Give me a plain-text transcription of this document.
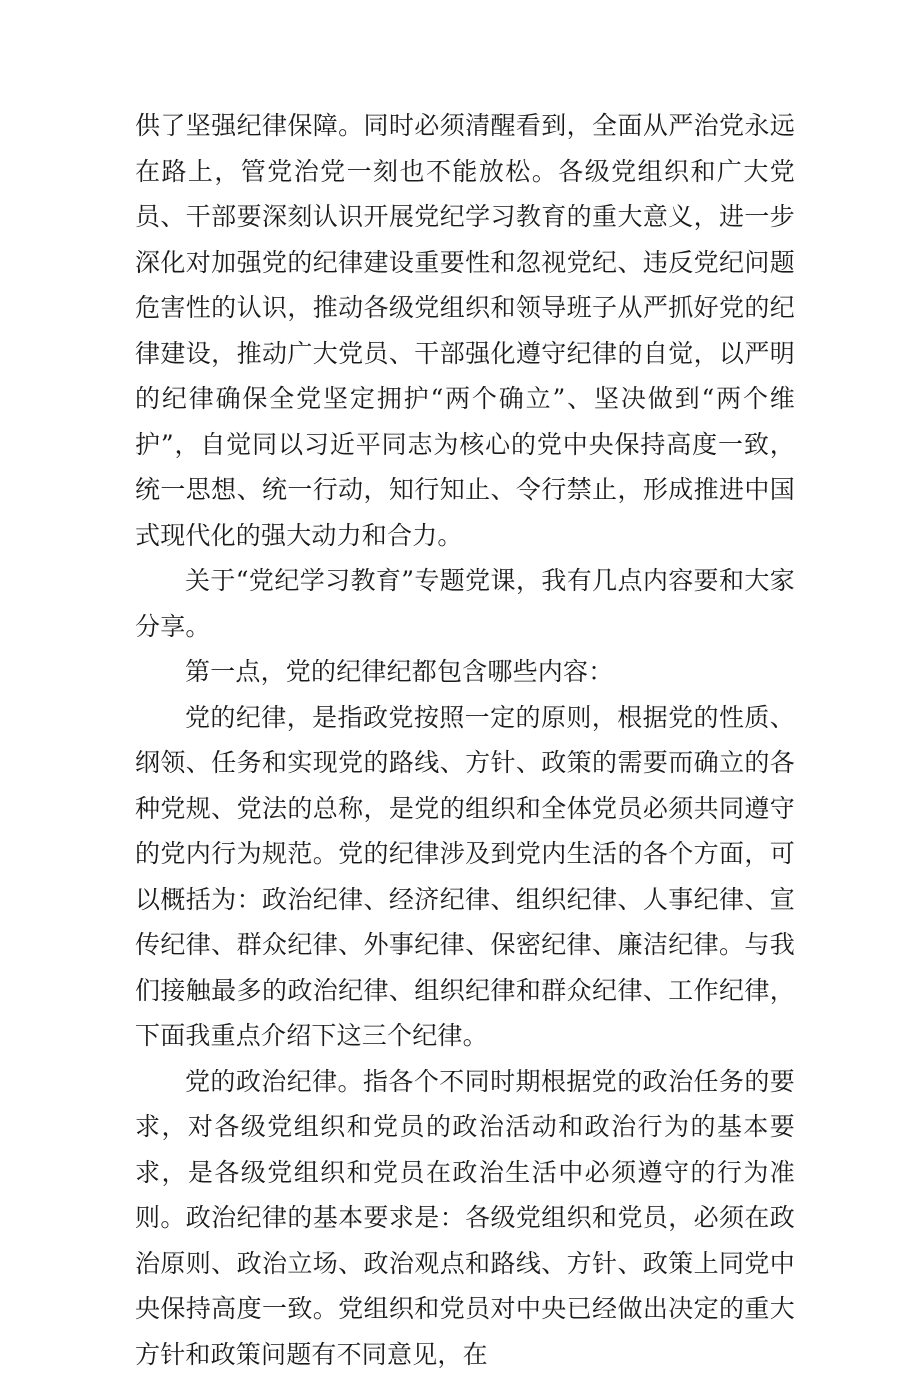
供了坚强纪律保障。同时必须清醒看到，全面从严治党永远在路上，管党治党一刻也不能放松。各级党组织和广大党员、干部要深刻认识开展党纪学习教育的重大意义，进一步深化对加强党的纪律建设重要性和忽视党纪、违反党纪问题危害性的认识，推动各级党组织和领导班子从严抓好党的纪律建设，推动广大党员、干部强化遵守纪律的自觉，以严明的纪律确保全党坚定拥护“两个确立”、坚决做到“两个维护”，自觉同以习近平同志为核心的党中央保持高度一致，统一思想、统一行动，知行知止、令行禁止，形成推进中国式现代化的强大动力和合力。

关于“党纪学习教育”专题党课，我有几点内容要和大家分享。

第一点，党的纪律纪都包含哪些内容：

党的纪律，是指政党按照一定的原则，根据党的性质、纲领、任务和实现党的路线、方针、政策的需要而确立的各种党规、党法的总称，是党的组织和全体党员必须共同遵守的党内行为规范。党的纪律涉及到党内生活的各个方面，可以概括为：政治纪律、经济纪律、组织纪律、人事纪律、宣传纪律、群众纪律、外事纪律、保密纪律、廉洁纪律。与我们接触最多的政治纪律、组织纪律和群众纪律、工作纪律，下面我重点介绍下这三个纪律。

党的政治纪律。指各个不同时期根据党的政治任务的要求，对各级党组织和党员的政治活动和政治行为的基本要求，是各级党组织和党员在政治生活中必须遵守的行为准则。政治纪律的基本要求是：各级党组织和党员，必须在政治原则、政治立场、政治观点和路线、方针、政策上同党中央保持高度一致。党组织和党员对中央已经做出决定的重大方针和政策问题有不同意见，在
